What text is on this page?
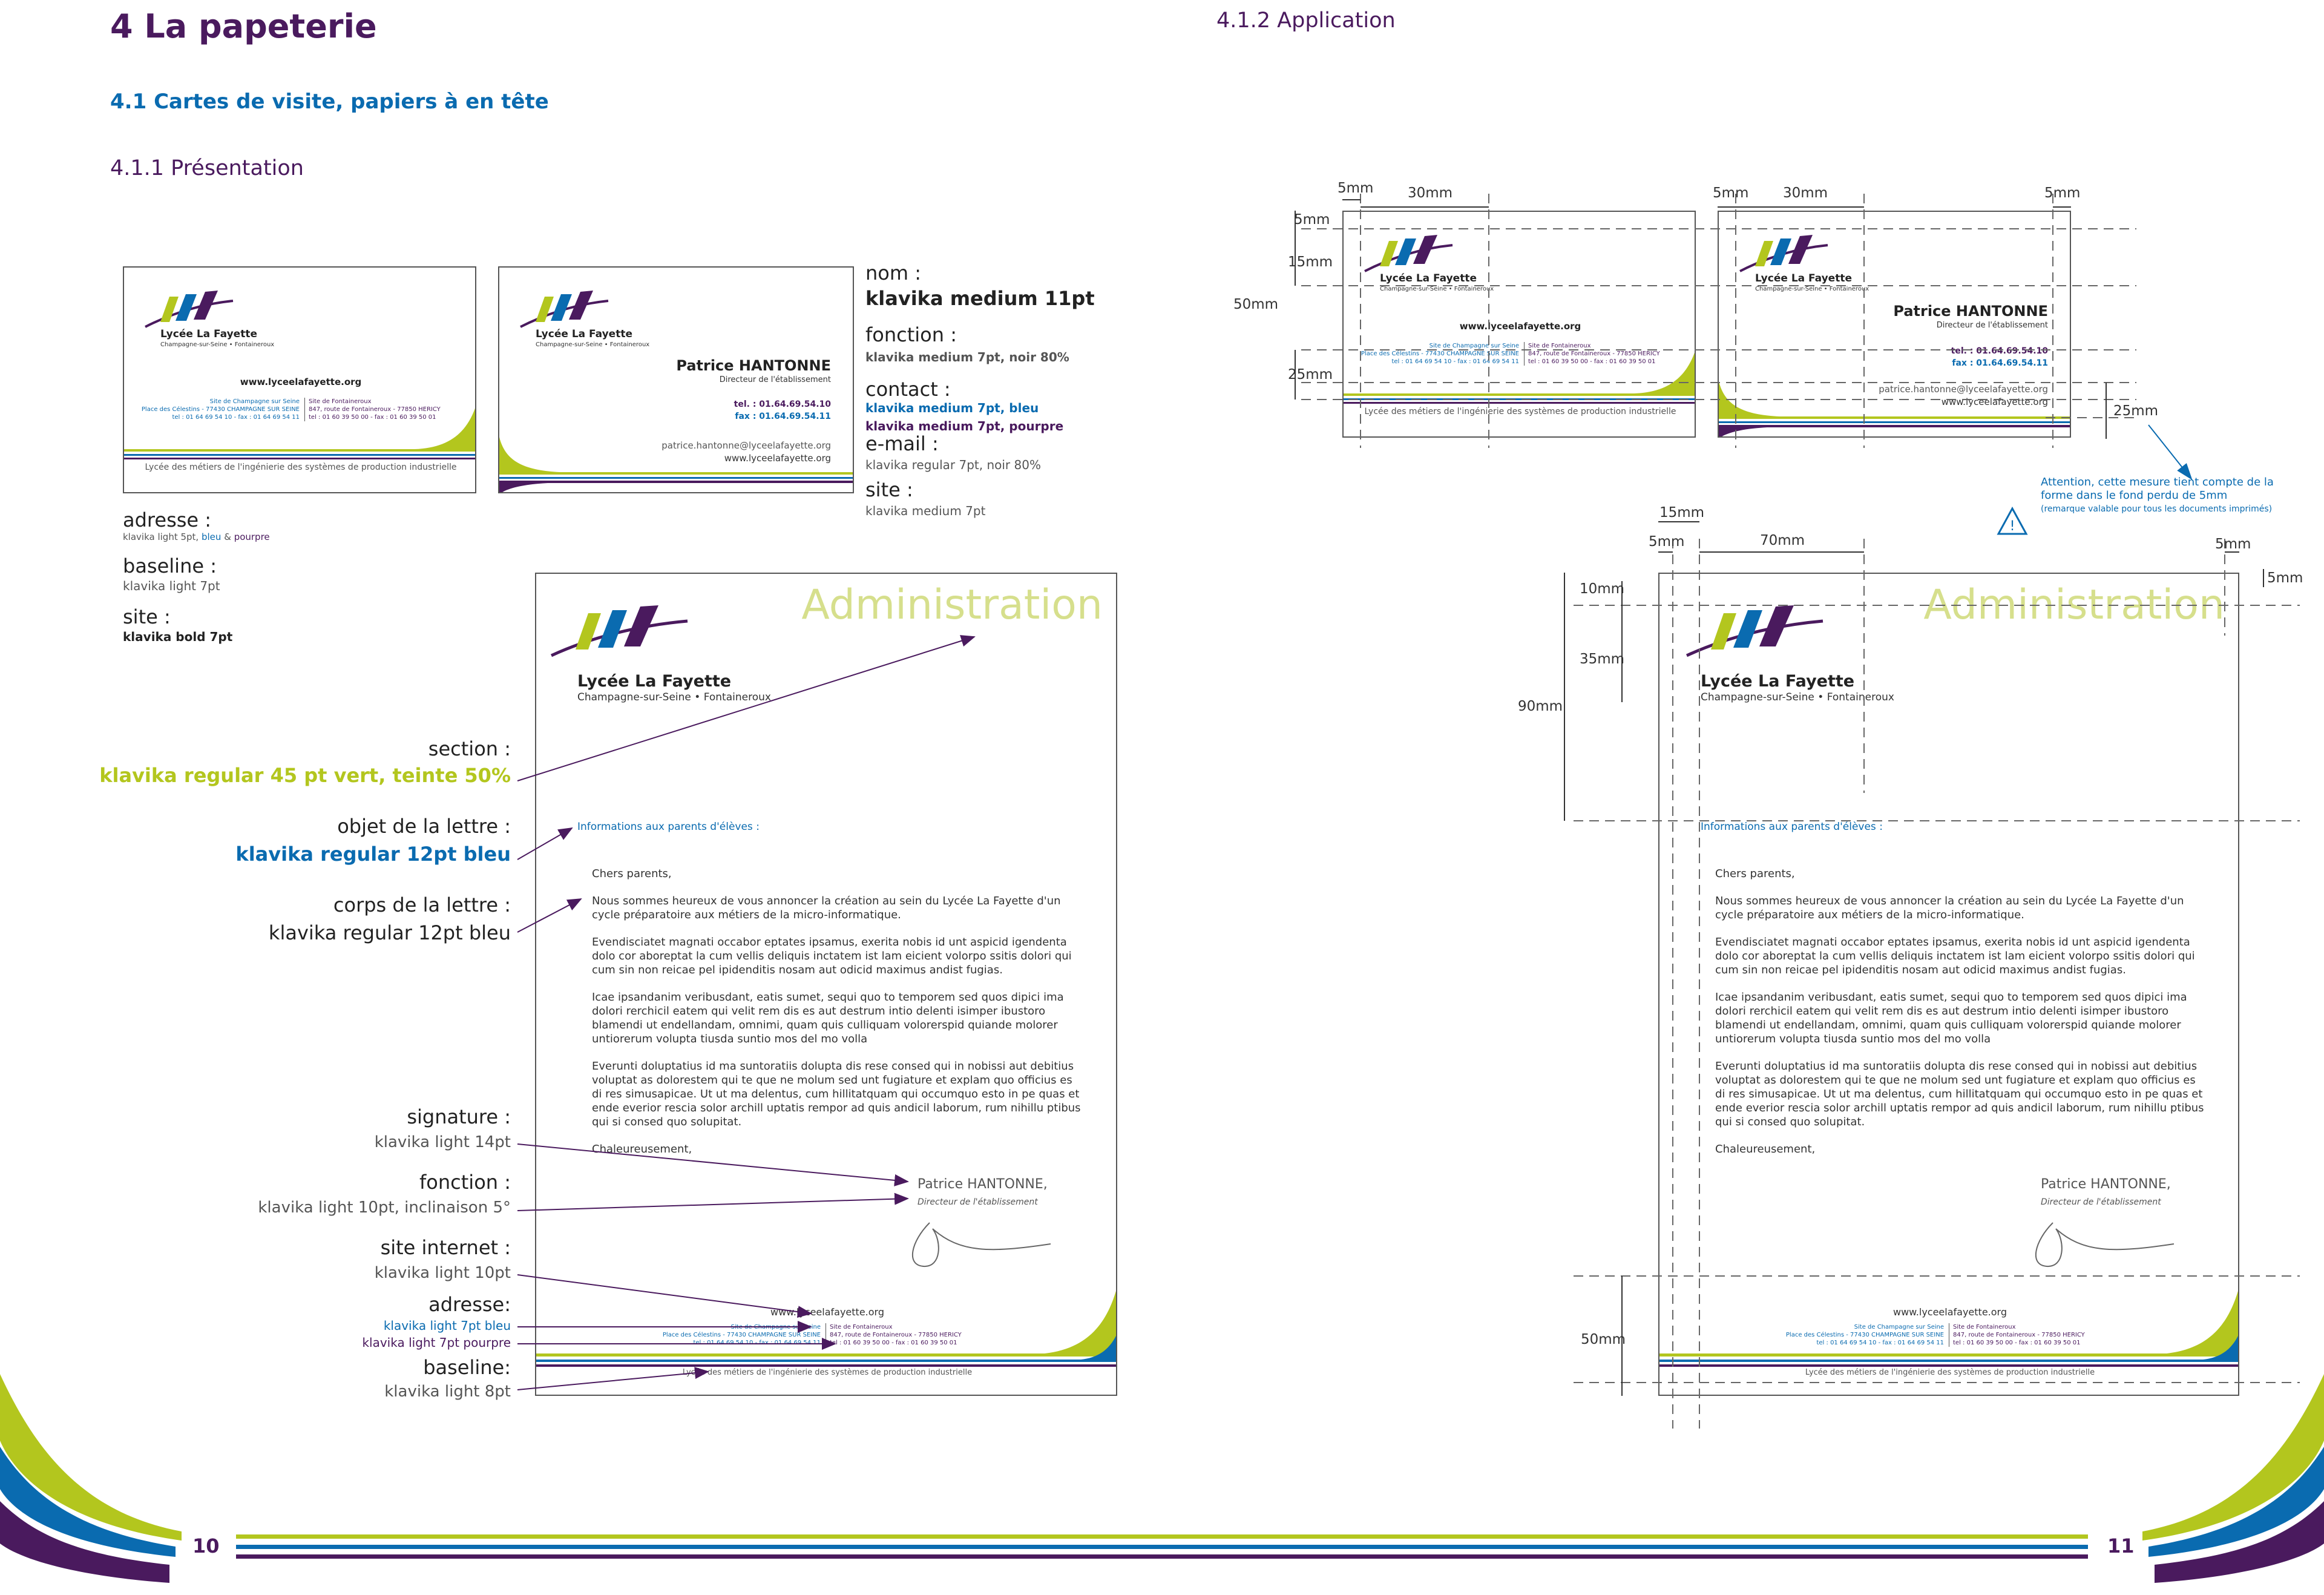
10	11
4 La papeterie
4.1 Cartes de visite, papiers à en tête
4.1.1 Présentation
4.1.2 Application
Lycée La Fayette
Champagne-sur-Seine • Fontainerouх
www.lyceelafayette.org
Site de Champagne sur Seine
Place des Célestins - 77430 CHAMPAGNE SUR SEINE
tel : 01 64 69 54 10 - fax : 01 64 69 54 11
Site de Fontainerouх
847, route de Fontainerouх - 77850 HERICY
tel : 01 60 39 50 00 - fax : 01 60 39 50 01
Lycée des métiers de l'ingénierie des systèmes de production industrielle
Lycée La Fayette
Champagne-sur-Seine • Fontainerouх
Patrice HANTONNE
Directeur de l'établissement
tel. : 01.64.69.54.10
fax : 01.64.69.54.11
patrice.hantonne@lyceelafayette.org
www.lyceelafayette.org
nom :
klavika medium 11pt
fonction :
klavika medium 7pt, noir 80%
contact :
klavika medium 7pt, bleu
klavika medium 7pt, pourpre
e-mail :
klavika regular 7pt, noir 80%
site :
klavika medium 7pt
adresse :
klavika light 5pt, bleu & pourpre
baseline :
klavika light 7pt
site :
klavika bold 7pt
Administration
Lycée La Fayette
Champagne-sur-Seine • Fontainerouх
Informations aux parents d'élèves :

Chers parents,

Nous sommes heureux de vous annoncer la création au sein du Lycée La Fayette d'un cycle préparatoire aux métiers de la micro-informatique.

Evendisciatet magnati occabor eptates ipsamus, exerita nobis id unt aspicid igendenta dolo cor aboreptat la cum vellis deliquis inctatem ist lam eicient volorpo ssitis dolori qui cum sin non reicae pel ipidenditis nosam aut odicid maximus andist fugias.

Icae ipsandanim veribusdant, eatis sumet, sequi quo to temporem sed quos dipici ima dolori rerchicil eatem qui velit rem dis es aut destrum intio delenti isimper ibustoro blamendi ut endellandam, omnimi, quam quis culliquam volorerspid quiande molorer untiorerum volupta tiusda suntio mos del mo volla

Everunti doluptatius id ma suntoratiis dolupta dis rese consed qui in nobissi aut debitius voluptat as dolorestem qui te que ne molum sed unt fugiature et explam quo officius es di res simusapicae. Ut ut ma delentus, cum hillitatquam qui occumquo esto in pe quas et ende everior rescia solor archill uptatis rempor ad quis andicil laborum, rum nihillu ptibus qui si consed quo solupitat.

Chaleureusement,

Patrice HANTONNE,
Directeur de l'établissement
www.lyceelafayette.org
Site de Champagne sur Seine
Place des Célestins - 77430 CHAMPAGNE SUR SEINE
tel : 01 64 69 54 10 - fax : 01 64 69 54 11
Site de Fontainerouх
847, route de Fontainerouх - 77850 HERICY
tel : 01 60 39 50 00 - fax : 01 60 39 50 01
Lycée des métiers de l'ingénierie des systèmes de production industrielle
section :
klavika regular 45 pt vert, teinte 50%
objet de la lettre :
klavika regular 12pt bleu
corps de la lettre :
klavika regular 12pt bleu
signature :
klavika light 14pt
fonction :
klavika light 10pt, inclinaison 5°
site internet :
klavika light 10pt
adresse:
klavika light 7pt bleu
klavika light 7pt pourpre
baseline:
klavika light 8pt
Lycée La Fayette
Champagne-sur-Seine • Fontainerouх
www.lyceelafayette.org
Site de Champagne sur Seine
Place des Célestins - 77430 CHAMPAGNE SUR SEINE
tel : 01 64 69 54 10 - fax : 01 64 69 54 11
Site de Fontainerouх
847, route de Fontainerouх - 77850 HERICY
tel : 01 60 39 50 00 - fax : 01 60 39 50 01
Lycée des métiers de l'ingénierie des systèmes de production industrielle
Lycée La Fayette
Champagne-sur-Seine • Fontainerouх
Patrice HANTONNE
Directeur de l'établissement
tel. : 01.64.69.54.10
fax : 01.64.69.54.11
patrice.hantonne@lyceelafayette.org
www.lyceelafayette.org
Administration
Lycée La Fayette
Champagne-sur-Seine • Fontainerouх
Informations aux parents d'élèves :

Chers parents,

Nous sommes heureux de vous annoncer la création au sein du Lycée La Fayette d'un cycle préparatoire aux métiers de la micro-informatique.

Evendisciatet magnati occabor eptates ipsamus, exerita nobis id unt aspicid igendenta dolo cor aboreptat la cum vellis deliquis inctatem ist lam eicient volorpo ssitis dolori qui cum sin non reicae pel ipidenditis nosam aut odicid maximus andist fugias.

Icae ipsandanim veribusdant, eatis sumet, sequi quo to temporem sed quos dipici ima dolori rerchicil eatem qui velit rem dis es aut destrum intio delenti isimper ibustoro blamendi ut endellandam, omnimi, quam quis culliquam volorerspid quiande molorer untiorerum volupta tiusda suntio mos del mo volla

Everunti doluptatius id ma suntoratiis dolupta dis rese consed qui in nobissi aut debitius voluptat as dolorestem qui te que ne molum sed unt fugiature et explam quo officius es di res simusapicae. Ut ut ma delentus, cum hillitatquam qui occumquo esto in pe quas et ende everior rescia solor archill uptatis rempor ad quis andicil laborum, rum nihillu ptibus qui si consed quo solupitat.

Chaleureusement,

Patrice HANTONNE,
Directeur de l'établissement
www.lyceelafayette.org
Site de Champagne sur Seine
Place des Célestins - 77430 CHAMPAGNE SUR SEINE
tel : 01 64 69 54 10 - fax : 01 64 69 54 11
Site de Fontainerouх
847, route de Fontainerouх - 77850 HERICY
tel : 01 60 39 50 00 - fax : 01 60 39 50 01
Lycée des métiers de l'ingénierie des systèmes de production industrielle
!
5mm 30mm	5mm 30mm	5mm
5mm
15mm
50mm
25mm
25mm
Attention, cette mesure tient compte de la forme dans le fond perdu de 5mm
(remarque valable pour tous les documents imprimés)
15mm
5mm	70mm	5mm
5mm
10mm
35mm
90mm
50mm
